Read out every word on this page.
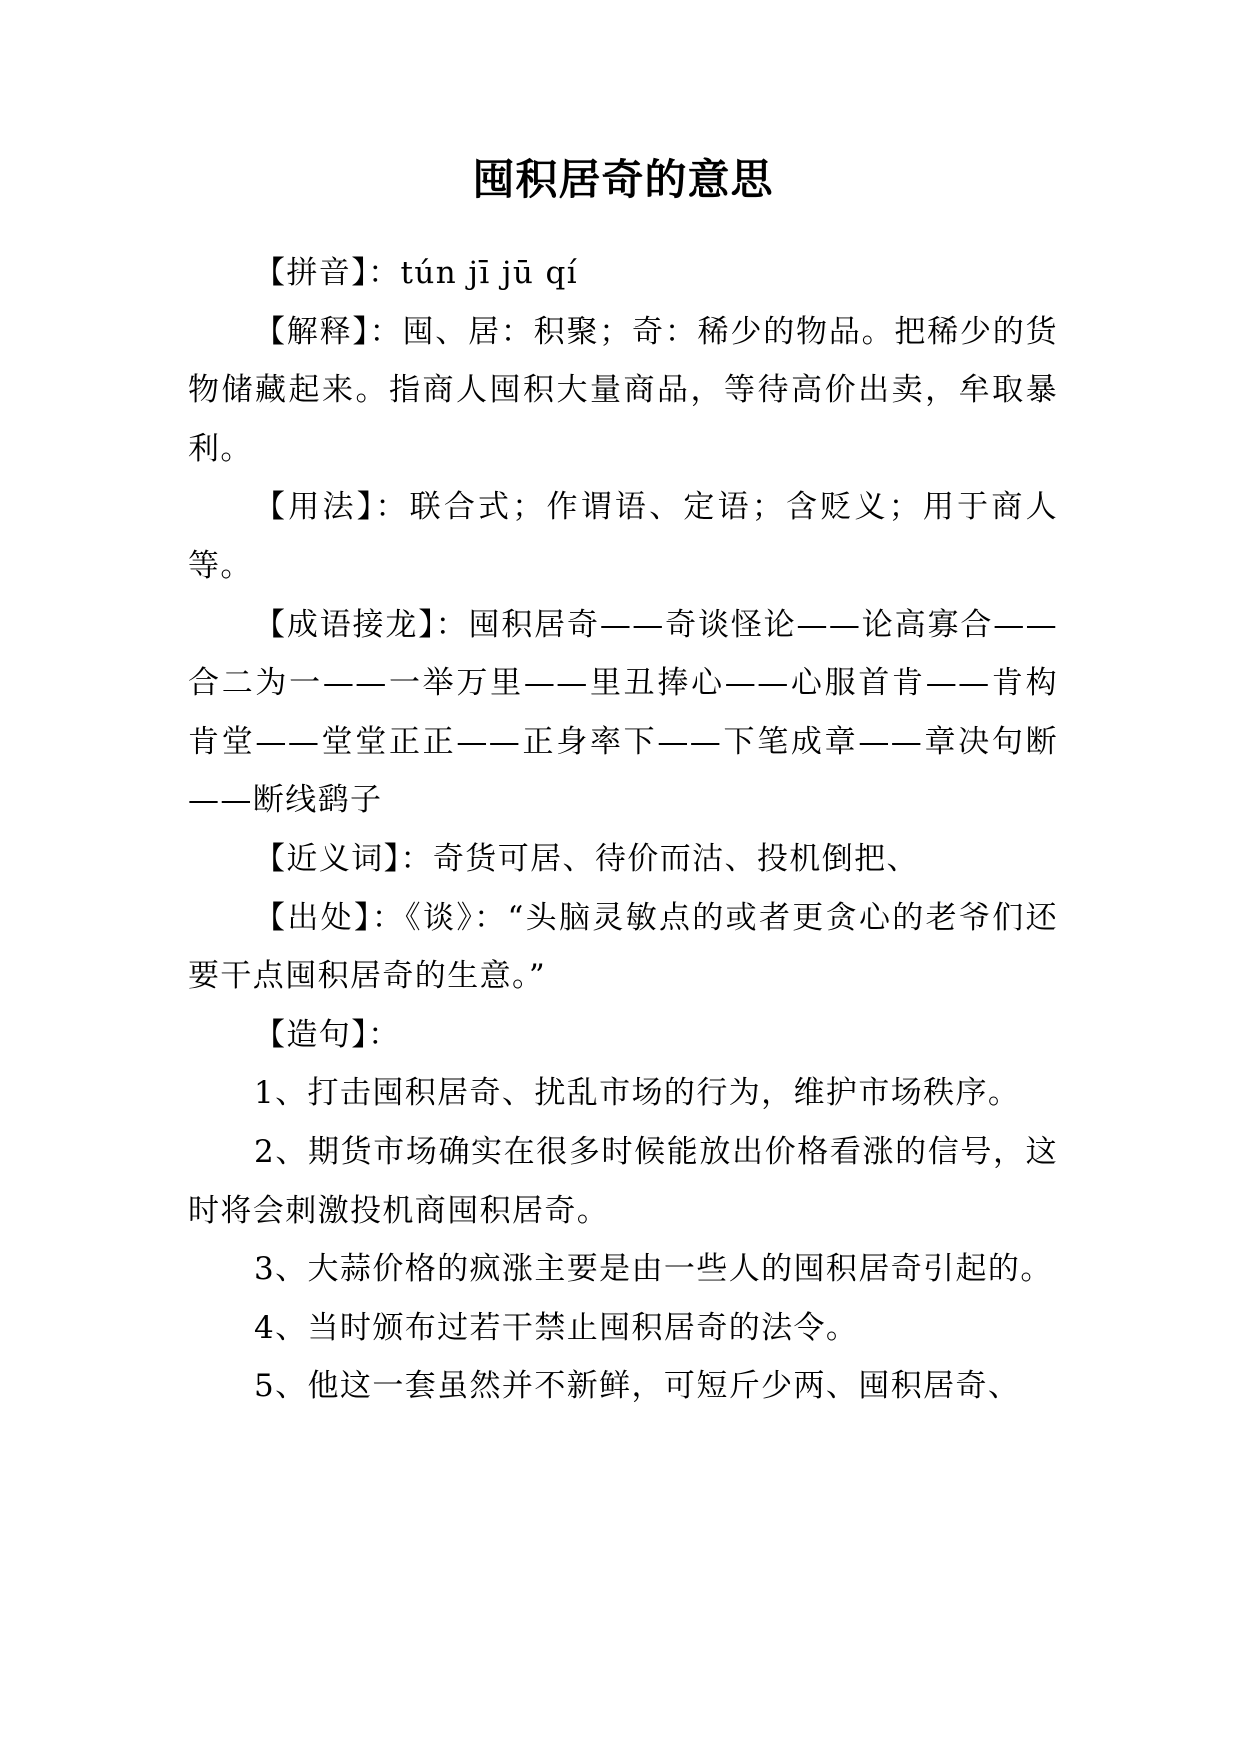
囤积居奇的意思

【拼音】：tún jī jū qí

【解释】：囤、居：积聚；奇：稀少的物品。把稀少的货物储藏起来。指商人囤积大量商品，等待高价出卖，牟取暴利。

【用法】：联合式；作谓语、定语；含贬义；用于商人等。

【成语接龙】：囤积居奇——奇谈怪论——论高寡合——合二为一——一举万里——里丑捧心——心服首肯——肯构肯堂——堂堂正正——正身率下——下笔成章——章决句断——断线鹞子

【近义词】：奇货可居、待价而沽、投机倒把、

【出处】：《谈》：“头脑灵敏点的或者更贪心的老爷们还要干点囤积居奇的生意。”

【造句】：

1、打击囤积居奇、扰乱市场的行为，维护市场秩序。

2、期货市场确实在很多时候能放出价格看涨的信号，这时将会刺激投机商囤积居奇。

3、大蒜价格的疯涨主要是由一些人的囤积居奇引起的。

4、当时颁布过若干禁止囤积居奇的法令。

5、他这一套虽然并不新鲜，可短斤少两、囤积居奇、
